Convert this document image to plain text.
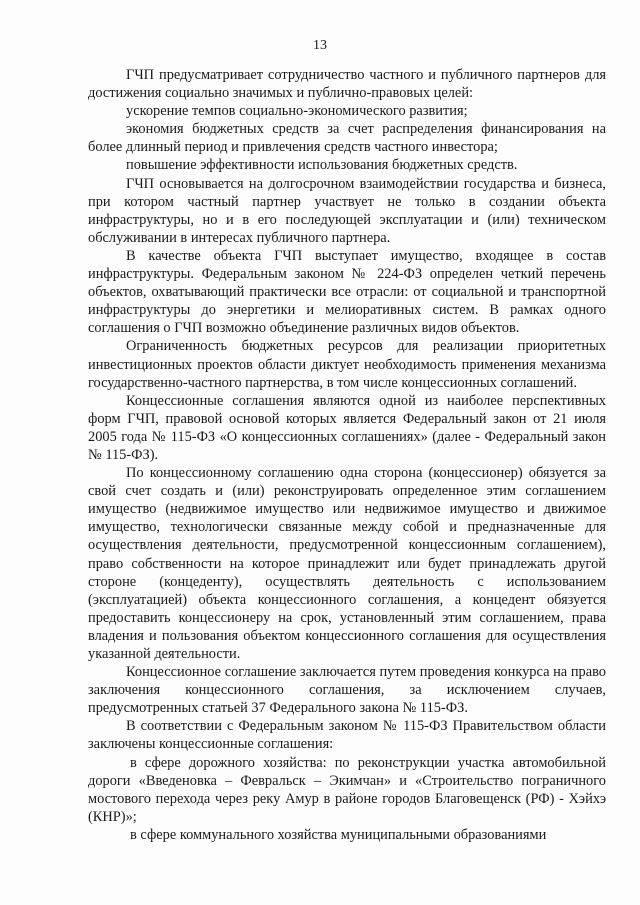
13

ГЧП предусматривает сотрудничество частного и публичного партнеров для достижения социально значимых и публично-правовых целей:

ускорение темпов социально-экономического развития;

экономия бюджетных средств за счет распределения финансирования на более длинный период и привлечения средств частного инвестора;

повышение эффективности использования бюджетных средств.

ГЧП основывается на долгосрочном взаимодействии государства и бизнеса, при котором частный партнер участвует не только в создании объекта инфраструктуры, но и в его последующей эксплуатации и (или) техническом обслуживании в интересах публичного партнера.

В качестве объекта ГЧП выступает имущество, входящее в состав инфраструктуры. Федеральным законом № 224-ФЗ определен четкий перечень объектов, охватывающий практически все отрасли: от социальной и транспортной инфраструктуры до энергетики и мелиоративных систем. В рамках одного соглашения о ГЧП возможно объединение различных видов объектов.

Ограниченность бюджетных ресурсов для реализации приоритетных инвестиционных проектов области диктует необходимость применения механизма государственно-частного партнерства, в том числе концессионных соглашений.

Концессионные соглашения являются одной из наиболее перспективных форм ГЧП, правовой основой которых является Федеральный закон от 21 июля 2005 года № 115-ФЗ «О концессионных соглашениях» (далее - Федеральный закон № 115-ФЗ).

По концессионному соглашению одна сторона (концессионер) обязуется за свой счет создать и (или) реконструировать определенное этим соглашением имущество (недвижимое имущество или недвижимое имущество и движимое имущество, технологически связанные между собой и предназначенные для осуществления деятельности, предусмотренной концессионным соглашением), право собственности на которое принадлежит или будет принадлежать другой стороне (концеденту), осуществлять деятельность с использованием (эксплуатацией) объекта концессионного соглашения, а концедент обязуется предоставить концессионеру на срок, установленный этим соглашением, права владения и пользования объектом концессионного соглашения для осуществления указанной деятельности.

Концессионное соглашение заключается путем проведения конкурса на право заключения концессионного соглашения, за исключением случаев, предусмотренных статьей 37 Федерального закона № 115-ФЗ.

В соответствии с Федеральным законом № 115-ФЗ Правительством области заключены концессионные соглашения:

в сфере дорожного хозяйства: по реконструкции участка автомобильной дороги «Введеновка – Февральск – Экимчан» и «Строительство пограничного мостового перехода через реку Амур в районе городов Благовещенск (РФ) - Хэйхэ (КНР)»;

в сфере коммунального хозяйства муниципальными образованиями
